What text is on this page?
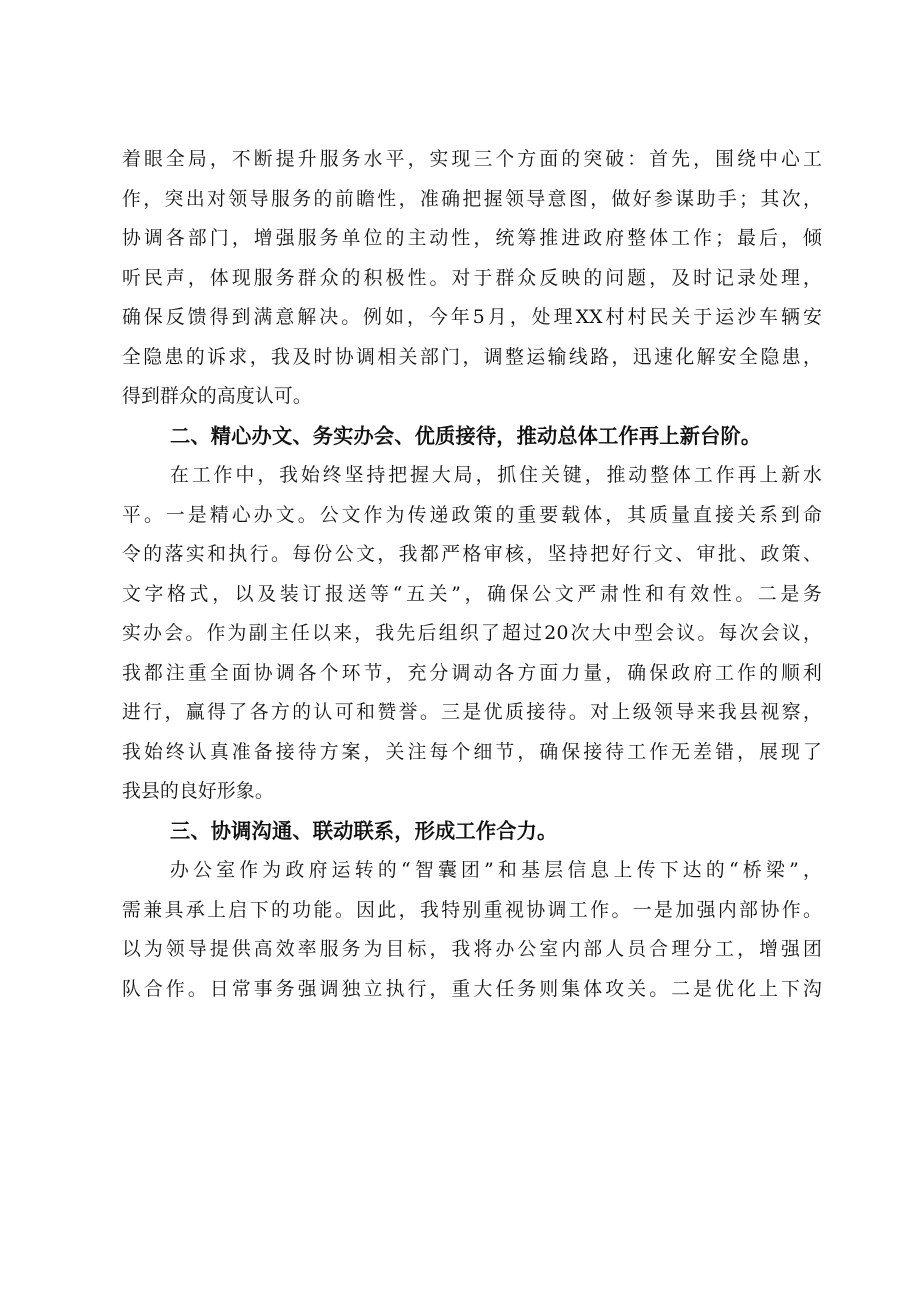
着眼全局，不断提升服务水平，实现三个方面的突破：首先，围绕中心工
作，突出对领导服务的前瞻性，准确把握领导意图，做好参谋助手；其次，
协调各部门，增强服务单位的主动性，统筹推进政府整体工作；最后，倾
听民声，体现服务群众的积极性。对于群众反映的问题，及时记录处理，
确保反馈得到满意解决。例如，今年5月，处理XX村村民关于运沙车辆安
全隐患的诉求，我及时协调相关部门，调整运输线路，迅速化解安全隐患，
得到群众的高度认可。
二、精心办文、务实办会、优质接待，推动总体工作再上新台阶。
在工作中，我始终坚持把握大局，抓住关键，推动整体工作再上新水
平。一是精心办文。公文作为传递政策的重要载体，其质量直接关系到命
令的落实和执行。每份公文，我都严格审核，坚持把好行文、审批、政策、
文字格式，以及装订报送等“五关”，确保公文严肃性和有效性。二是务
实办会。作为副主任以来，我先后组织了超过20次大中型会议。每次会议，
我都注重全面协调各个环节，充分调动各方面力量，确保政府工作的顺利
进行，赢得了各方的认可和赞誉。三是优质接待。对上级领导来我县视察，
我始终认真准备接待方案，关注每个细节，确保接待工作无差错，展现了
我县的良好形象。
三、协调沟通、联动联系，形成工作合力。
办公室作为政府运转的“智囊团”和基层信息上传下达的“桥梁”，
需兼具承上启下的功能。因此，我特别重视协调工作。一是加强内部协作。
以为领导提供高效率服务为目标，我将办公室内部人员合理分工，增强团
队合作。日常事务强调独立执行，重大任务则集体攻关。二是优化上下沟
